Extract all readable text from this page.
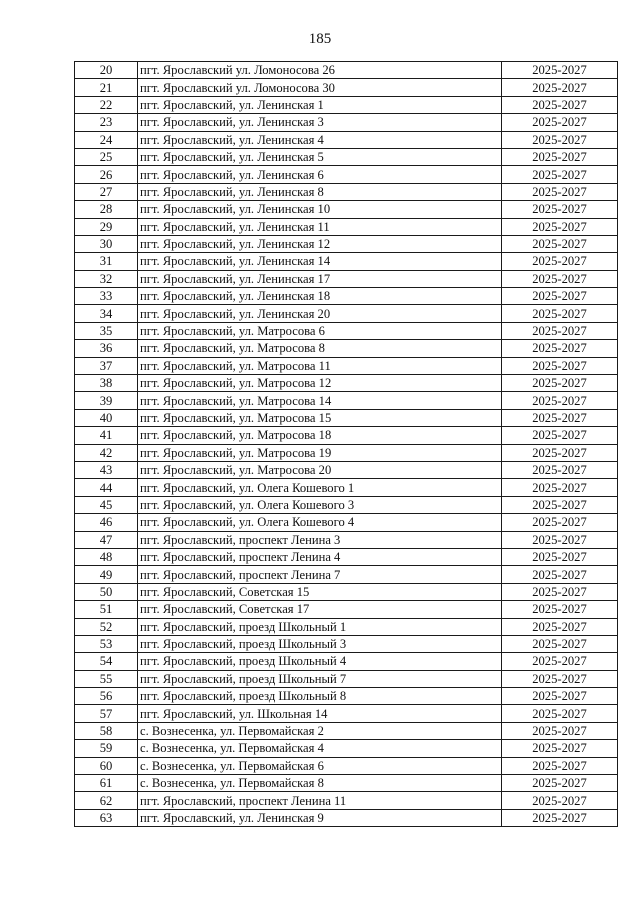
185
20	пгт. Ярославский ул. Ломоносова 26	2025-2027
21	пгт. Ярославский ул. Ломоносова 30	2025-2027
22	пгт. Ярославский, ул. Ленинская 1	2025-2027
23	пгт. Ярославский, ул. Ленинская 3	2025-2027
24	пгт. Ярославский, ул. Ленинская 4	2025-2027
25	пгт. Ярославский, ул. Ленинская 5	2025-2027
26	пгт. Ярославский, ул. Ленинская 6	2025-2027
27	пгт. Ярославский, ул. Ленинская 8	2025-2027
28	пгт. Ярославский, ул. Ленинская 10	2025-2027
29	пгт. Ярославский, ул. Ленинская 11	2025-2027
30	пгт. Ярославский, ул. Ленинская 12	2025-2027
31	пгт. Ярославский, ул. Ленинская 14	2025-2027
32	пгт. Ярославский, ул. Ленинская 17	2025-2027
33	пгт. Ярославский, ул. Ленинская 18	2025-2027
34	пгт. Ярославский, ул. Ленинская 20	2025-2027
35	пгт. Ярославский, ул. Матросова 6	2025-2027
36	пгт. Ярославский, ул. Матросова 8	2025-2027
37	пгт. Ярославский, ул. Матросова 11	2025-2027
38	пгт. Ярославский, ул. Матросова 12	2025-2027
39	пгт. Ярославский, ул. Матросова 14	2025-2027
40	пгт. Ярославский, ул. Матросова 15	2025-2027
41	пгт. Ярославский, ул. Матросова 18	2025-2027
42	пгт. Ярославский, ул. Матросова 19	2025-2027
43	пгт. Ярославский, ул. Матросова 20	2025-2027
44	пгт. Ярославский, ул. Олега Кошевого 1	2025-2027
45	пгт. Ярославский, ул. Олега Кошевого 3	2025-2027
46	пгт. Ярославский, ул. Олега Кошевого 4	2025-2027
47	пгт. Ярославский, проспект Ленина 3	2025-2027
48	пгт. Ярославский, проспект Ленина 4	2025-2027
49	пгт. Ярославский, проспект Ленина 7	2025-2027
50	пгт. Ярославский, Советская 15	2025-2027
51	пгт. Ярославский, Советская 17	2025-2027
52	пгт. Ярославский, проезд Школьный 1	2025-2027
53	пгт. Ярославский, проезд Школьный 3	2025-2027
54	пгт. Ярославский, проезд Школьный 4	2025-2027
55	пгт. Ярославский, проезд Школьный 7	2025-2027
56	пгт. Ярославский, проезд Школьный 8	2025-2027
57	пгт. Ярославский, ул. Школьная 14	2025-2027
58	с. Вознесенка, ул. Первомайская 2	2025-2027
59	с. Вознесенка, ул. Первомайская 4	2025-2027
60	с. Вознесенка, ул. Первомайская 6	2025-2027
61	с. Вознесенка, ул. Первомайская 8	2025-2027
62	пгт. Ярославский, проспект Ленина 11	2025-2027
63	пгт. Ярославский, ул. Ленинская 9	2025-2027
